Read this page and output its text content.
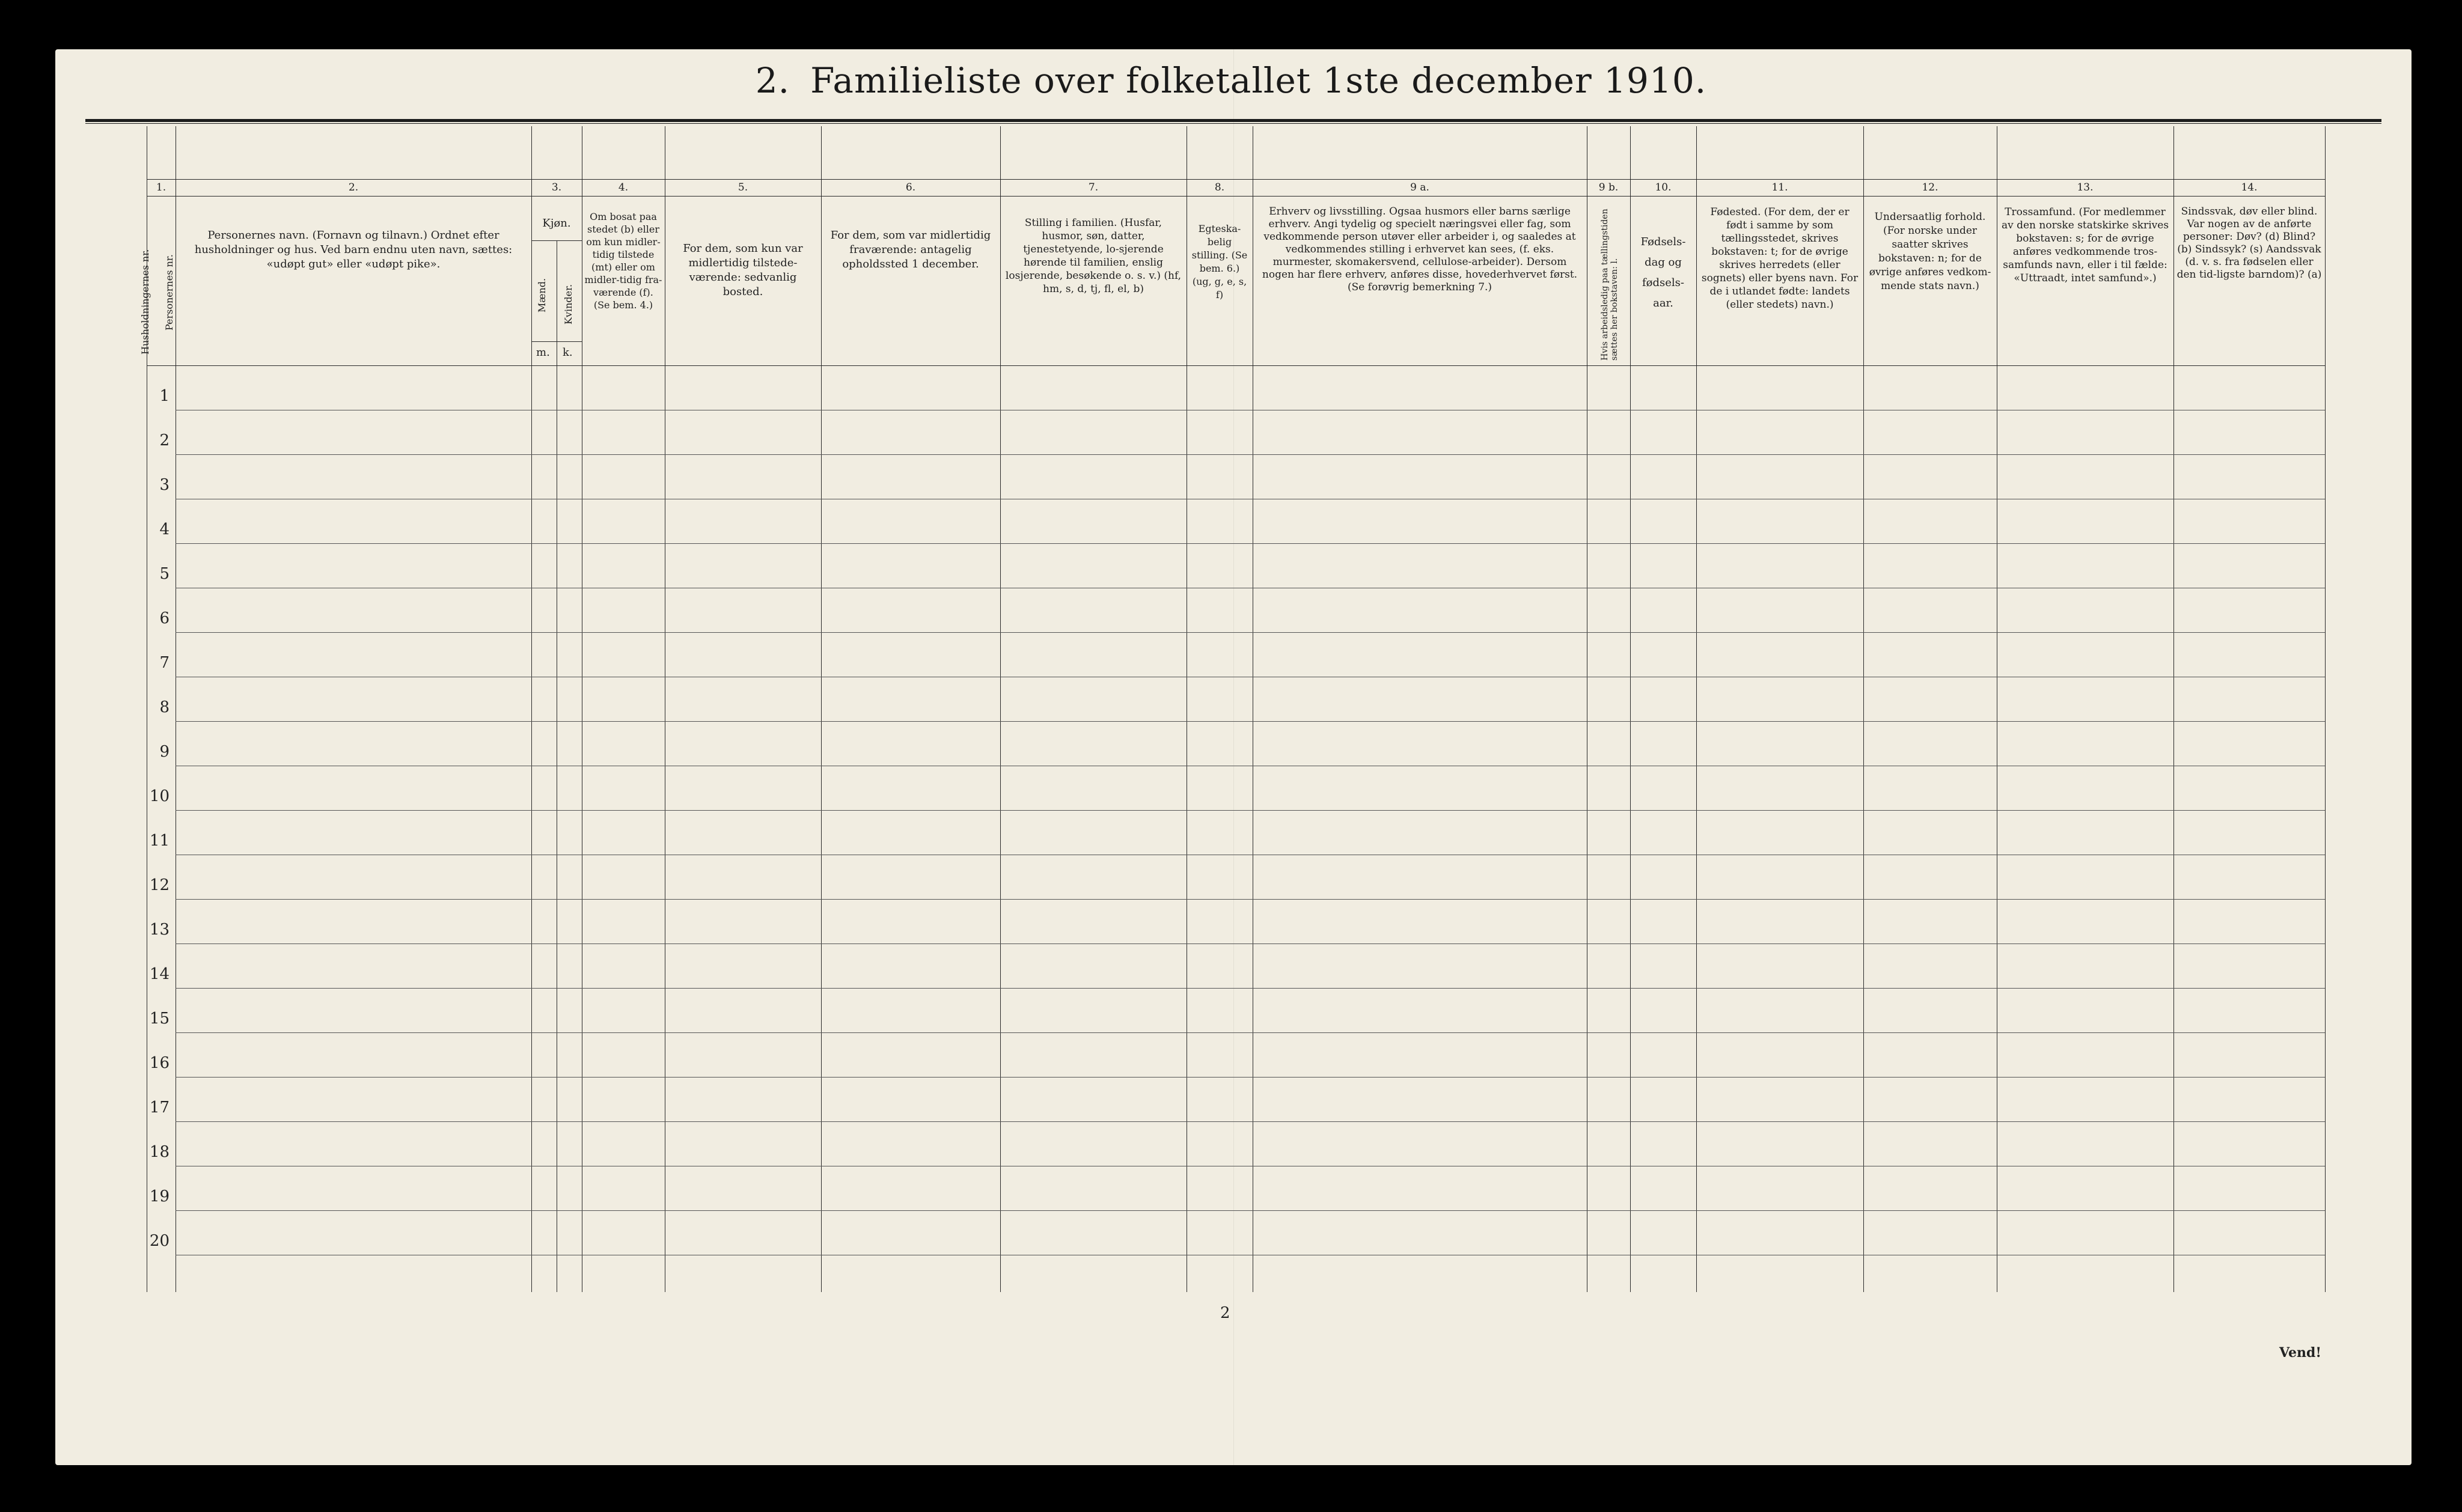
2. Familieliste over folketallet 1ste december 1910.
1.	2.	3.	4.	5.	6.	7.	8.	9 a.	9 b.	10.	11.	12.	13.	14.
Husholdningernes nr. Personernes nr.
Personernes navn. (Fornavn og tilnavn.) Ordnet efter husholdninger og hus. Ved barn endnu uten navn, sættes: «udøpt gut» eller «udøpt pike».
Kjøn.
Mænd. Kvinder.
m. k.
Om bosat paa stedet (b) eller om kun midler-tidig tilstede (mt) eller om midler-tidig fra-værende (f). (Se bem. 4.)
For dem, som kun var midlertidig tilstede-værende: sedvanlig bosted.
For dem, som var midlertidig fraværende: antagelig opholdssted 1 december.
Stilling i familien. (Husfar, husmor, søn, datter, tjenestetyende, lo-sjerende hørende til familien, enslig losjerende, besøkende o. s. v.) (hf, hm, s, d, tj, fl, el, b)
Egteska-belig stilling. (Se bem. 6.) (ug, g, e, s, f)
Erhverv og livsstilling. Ogsaa husmors eller barns særlige erhverv. Angi tydelig og specielt næringsvei eller fag, som vedkommende person utøver eller arbeider i, og saaledes at vedkommendes stilling i erhvervet kan sees, (f. eks. murmester, skomakersvend, cellulose-arbeider). Dersom nogen har flere erhverv, anføres disse, hovederhvervet først. (Se forøvrig bemerkning 7.)	Hvis arbeidsledig paa tællingstiden sættes her bokstaven: l.
Fødsels-dag og fødsels-aar.
Fødested. (For dem, der er født i samme by som tællingsstedet, skrives bokstaven: t; for de øvrige skrives herredets (eller sognets) eller byens navn. For de i utlandet fødte: landets (eller stedets) navn.)
Undersaatlig forhold. (For norske under saatter skrives bokstaven: n; for de øvrige anføres vedkom-mende stats navn.)
Trossamfund. (For medlemmer av den norske statskirke skrives bokstaven: s; for de øvrige anføres vedkommende tros-samfunds navn, eller i til fælde: «Uttraadt, intet samfund».)
Sindssvak, døv eller blind. Var nogen av de anførte personer: Døv? (d) Blind? (b) Sindssyk? (s) Aandssvak (d. v. s. fra fødselen eller den tid-ligste barndom)? (a)
1
2
3
4
5
6
7
8
9
10
11
12
13
14
15
16
17
18
19
20
2
Vend!
